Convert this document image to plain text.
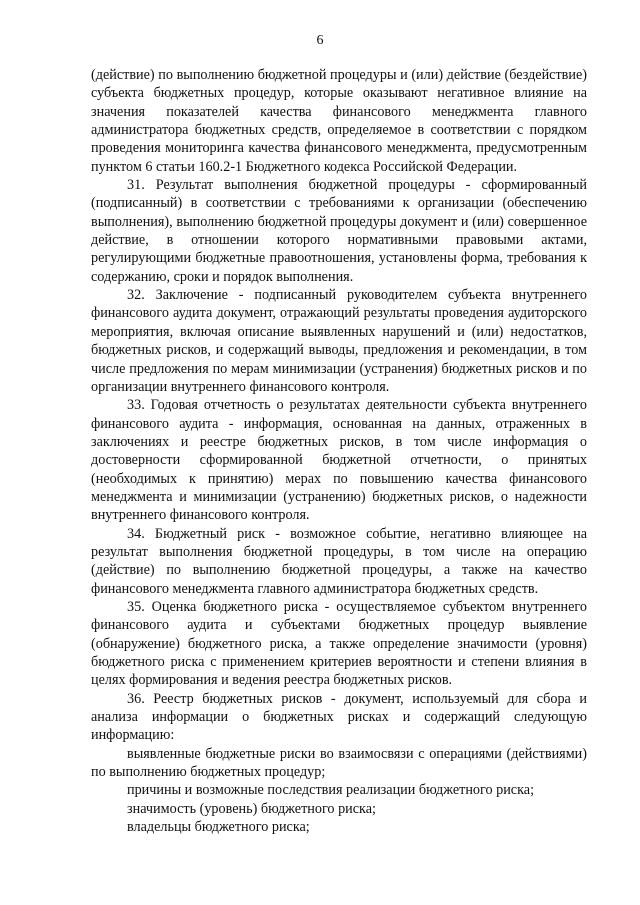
6

(действие) по выполнению бюджетной процедуры и (или) действие (бездействие) субъекта бюджетных процедур, которые оказывают негативное влияние на значения показателей качества финансового менеджмента главного администратора бюджетных средств, определяемое в соответствии с порядком проведения мониторинга качества финансового менеджмента, предусмотренным пунктом 6 статьи 160.2-1 Бюджетного кодекса Российской Федерации.

31. Результат выполнения бюджетной процедуры - сформированный (подписанный) в соответствии с требованиями к организации (обеспечению выполнения), выполнению бюджетной процедуры документ и (или) совершенное действие, в отношении которого нормативными правовыми актами, регулирующими бюджетные правоотношения, установлены форма, требования к содержанию, сроки и порядок выполнения.

32. Заключение - подписанный руководителем субъекта внутреннего финансового аудита документ, отражающий результаты проведения аудиторского мероприятия, включая описание выявленных нарушений и (или) недостатков, бюджетных рисков, и содержащий выводы, предложения и рекомендации, в том числе предложения по мерам минимизации (устранения) бюджетных рисков и по организации внутреннего финансового контроля.

33. Годовая отчетность о результатах деятельности субъекта внутреннего финансового аудита - информация, основанная на данных, отраженных в заключениях и реестре бюджетных рисков, в том числе информация о достоверности сформированной бюджетной отчетности, о принятых (необходимых к принятию) мерах по повышению качества финансового менеджмента и минимизации (устранению) бюджетных рисков, о надежности внутреннего финансового контроля.

34. Бюджетный риск - возможное событие, негативно влияющее на результат выполнения бюджетной процедуры, в том числе на операцию (действие) по выполнению бюджетной процедуры, а также на качество финансового менеджмента главного администратора бюджетных средств.

35. Оценка бюджетного риска - осуществляемое субъектом внутреннего финансового аудита и субъектами бюджетных процедур выявление (обнаружение) бюджетного риска, а также определение значимости (уровня) бюджетного риска с применением критериев вероятности и степени влияния в целях формирования и ведения реестра бюджетных рисков.

36. Реестр бюджетных рисков - документ, используемый для сбора и анализа информации о бюджетных рисках и содержащий следующую информацию:

выявленные бюджетные риски во взаимосвязи с операциями (действиями) по выполнению бюджетных процедур;

причины и возможные последствия реализации бюджетного риска;

значимость (уровень) бюджетного риска;

владельцы бюджетного риска;
